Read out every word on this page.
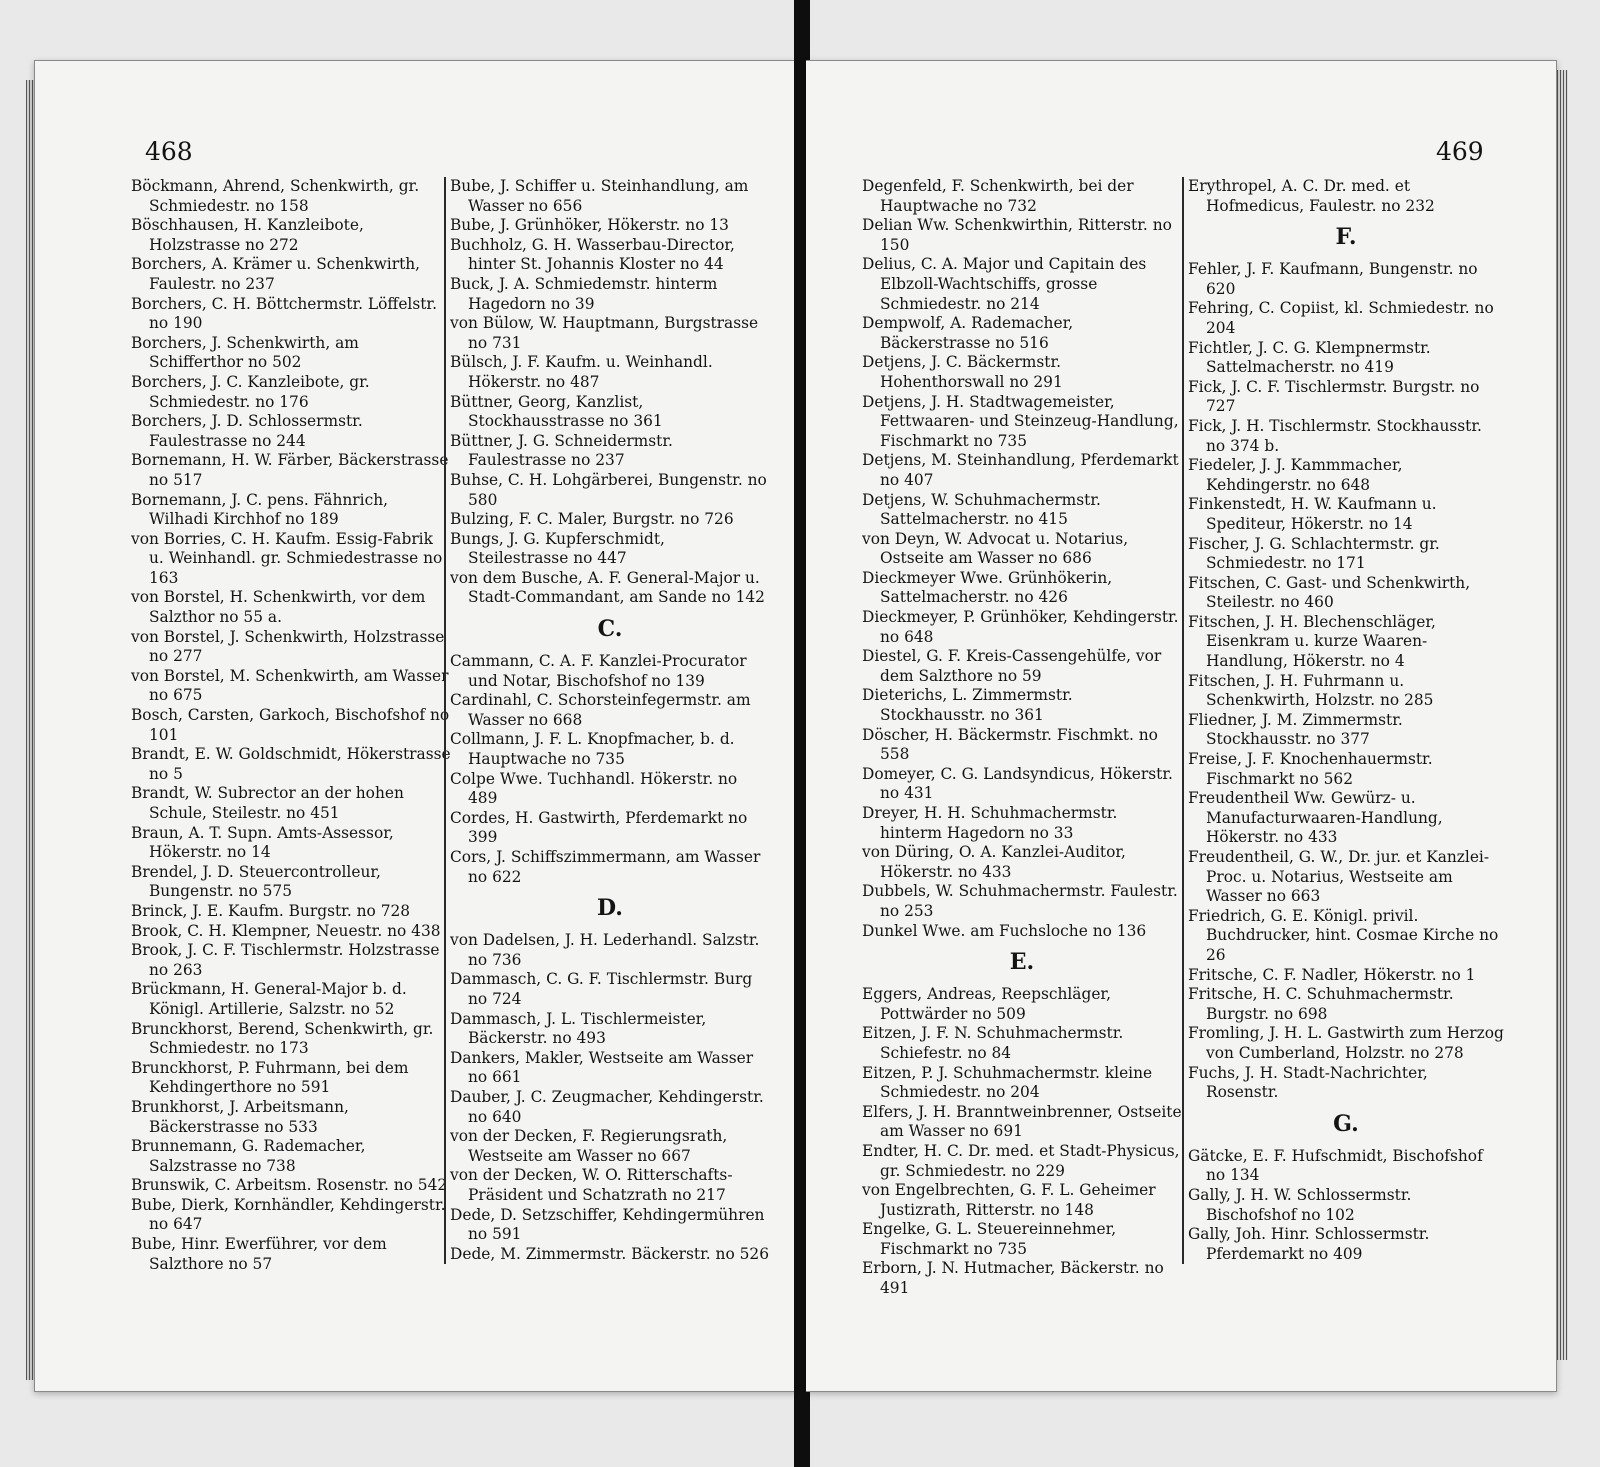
468

Böckmann, Ahrend, Schenkwirth, gr. Schmiedestr. no 158

Böschhausen, H. Kanzleibote, Holzstrasse no 272

Borchers, A. Krämer u. Schenkwirth, Faulestr. no 237

Borchers, C. H. Böttchermstr. Löffelstr. no 190

Borchers, J. Schenkwirth, am Schifferthor no 502

Borchers, J. C. Kanzleibote, gr. Schmiedestr. no 176

Borchers, J. D. Schlossermstr. Faulestrasse no 244

Bornemann, H. W. Färber, Bäckerstrasse no 517

Bornemann, J. C. pens. Fähnrich, Wilhadi Kirchhof no 189

von Borries, C. H. Kaufm. Essig-Fabrik u. Weinhandl. gr. Schmiedestrasse no 163

von Borstel, H. Schenkwirth, vor dem Salzthor no 55 a.

von Borstel, J. Schenkwirth, Holzstrasse no 277

von Borstel, M. Schenkwirth, am Wasser no 675

Bosch, Carsten, Garkoch, Bischofshof no 101

Brandt, E. W. Goldschmidt, Hökerstrasse no 5

Brandt, W. Subrector an der hohen Schule, Steilestr. no 451

Braun, A. T. Supn. Amts-Assessor, Hökerstr. no 14

Brendel, J. D. Steuercontrolleur, Bungenstr. no 575

Brinck, J. E. Kaufm. Burgstr. no 728

Brook, C. H. Klempner, Neuestr. no 438

Brook, J. C. F. Tischlermstr. Holzstrasse no 263

Brückmann, H. General-Major b. d. Königl. Artillerie, Salzstr. no 52

Brunckhorst, Berend, Schenkwirth, gr. Schmiedestr. no 173

Brunckhorst, P. Fuhrmann, bei dem Kehdingerthore no 591

Brunkhorst, J. Arbeitsmann, Bäckerstrasse no 533

Brunnemann, G. Rademacher, Salzstrasse no 738

Brunswik, C. Arbeitsm. Rosenstr. no 542

Bube, Dierk, Kornhändler, Kehdingerstr. no 647

Bube, Hinr. Ewerführer, vor dem Salzthore no 57

Bube, J. Schiffer u. Steinhandlung, am Wasser no 656

Bube, J. Grünhöker, Hökerstr. no 13

Buchholz, G. H. Wasserbau-Director, hinter St. Johannis Kloster no 44

Buck, J. A. Schmiedemstr. hinterm Hagedorn no 39

von Bülow, W. Hauptmann, Burgstrasse no 731

Bülsch, J. F. Kaufm. u. Weinhandl. Hökerstr. no 487

Büttner, Georg, Kanzlist, Stockhausstrasse no 361

Büttner, J. G. Schneidermstr. Faulestrasse no 237

Buhse, C. H. Lohgärberei, Bungenstr. no 580

Bulzing, F. C. Maler, Burgstr. no 726

Bungs, J. G. Kupferschmidt, Steilestrasse no 447

von dem Busche, A. F. General-Major u. Stadt-Commandant, am Sande no 142

C.

Cammann, C. A. F. Kanzlei-Procurator und Notar, Bischofshof no 139

Cardinahl, C. Schorsteinfegermstr. am Wasser no 668

Collmann, J. F. L. Knopfmacher, b. d. Hauptwache no 735

Colpe Wwe. Tuchhandl. Hökerstr. no 489

Cordes, H. Gastwirth, Pferdemarkt no 399

Cors, J. Schiffszimmermann, am Wasser no 622

D.

von Dadelsen, J. H. Lederhandl. Salzstr. no 736

Dammasch, C. G. F. Tischlermstr. Burg no 724

Dammasch, J. L. Tischlermeister, Bäckerstr. no 493

Dankers, Makler, Westseite am Wasser no 661

Dauber, J. C. Zeugmacher, Kehdingerstr. no 640

von der Decken, F. Regierungsrath, Westseite am Wasser no 667

von der Decken, W. O. Ritterschafts-Präsident und Schatzrath no 217

Dede, D. Setzschiffer, Kehdingermühren no 591

Dede, M. Zimmermstr. Bäckerstr. no 526

469

Degenfeld, F. Schenkwirth, bei der Hauptwache no 732

Delian Ww. Schenkwirthin, Ritterstr. no 150

Delius, C. A. Major und Capitain des Elbzoll-Wachtschiffs, grosse Schmiedestr. no 214

Dempwolf, A. Rademacher, Bäckerstrasse no 516

Detjens, J. C. Bäckermstr. Hohenthorswall no 291

Detjens, J. H. Stadtwagemeister, Fettwaaren- und Steinzeug-Handlung, Fischmarkt no 735

Detjens, M. Steinhandlung, Pferdemarkt no 407

Detjens, W. Schuhmachermstr. Sattelmacherstr. no 415

von Deyn, W. Advocat u. Notarius, Ostseite am Wasser no 686

Dieckmeyer Wwe. Grünhökerin, Sattelmacherstr. no 426

Dieckmeyer, P. Grünhöker, Kehdingerstr. no 648

Diestel, G. F. Kreis-Cassengehülfe, vor dem Salzthore no 59

Dieterichs, L. Zimmermstr. Stockhausstr. no 361

Döscher, H. Bäckermstr. Fischmkt. no 558

Domeyer, C. G. Landsyndicus, Hökerstr. no 431

Dreyer, H. H. Schuhmachermstr. hinterm Hagedorn no 33

von Düring, O. A. Kanzlei-Auditor, Hökerstr. no 433

Dubbels, W. Schuhmachermstr. Faulestr. no 253

Dunkel Wwe. am Fuchsloche no 136

E.

Eggers, Andreas, Reepschläger, Pottwärder no 509

Eitzen, J. F. N. Schuhmachermstr. Schiefestr. no 84

Eitzen, P. J. Schuhmachermstr. kleine Schmiedestr. no 204

Elfers, J. H. Branntweinbrenner, Ostseite am Wasser no 691

Endter, H. C. Dr. med. et Stadt-Physicus, gr. Schmiedestr. no 229

von Engelbrechten, G. F. L. Geheimer Justizrath, Ritterstr. no 148

Engelke, G. L. Steuereinnehmer, Fischmarkt no 735

Erborn, J. N. Hutmacher, Bäckerstr. no 491

Erythropel, A. C. Dr. med. et Hofmedicus, Faulestr. no 232

F.

Fehler, J. F. Kaufmann, Bungenstr. no 620

Fehring, C. Copiist, kl. Schmiedestr. no 204

Fichtler, J. C. G. Klempnermstr. Sattelmacherstr. no 419

Fick, J. C. F. Tischlermstr. Burgstr. no 727

Fick, J. H. Tischlermstr. Stockhausstr. no 374 b.

Fiedeler, J. J. Kammmacher, Kehdingerstr. no 648

Finkenstedt, H. W. Kaufmann u. Spediteur, Hökerstr. no 14

Fischer, J. G. Schlachtermstr. gr. Schmiedestr. no 171

Fitschen, C. Gast- und Schenkwirth, Steilestr. no 460

Fitschen, J. H. Blechenschläger, Eisenkram u. kurze Waaren-Handlung, Hökerstr. no 4

Fitschen, J. H. Fuhrmann u. Schenkwirth, Holzstr. no 285

Fliedner, J. M. Zimmermstr. Stockhausstr. no 377

Freise, J. F. Knochenhauermstr. Fischmarkt no 562

Freudentheil Ww. Gewürz- u. Manufacturwaaren-Handlung, Hökerstr. no 433

Freudentheil, G. W., Dr. jur. et Kanzlei-Proc. u. Notarius, Westseite am Wasser no 663

Friedrich, G. E. Königl. privil. Buchdrucker, hint. Cosmae Kirche no 26

Fritsche, C. F. Nadler, Hökerstr. no 1

Fritsche, H. C. Schuhmachermstr. Burgstr. no 698

Fromling, J. H. L. Gastwirth zum Herzog von Cumberland, Holzstr. no 278

Fuchs, J. H. Stadt-Nachrichter, Rosenstr.

G.

Gätcke, E. F. Hufschmidt, Bischofshof no 134

Gally, J. H. W. Schlossermstr. Bischofshof no 102

Gally, Joh. Hinr. Schlossermstr. Pferdemarkt no 409
